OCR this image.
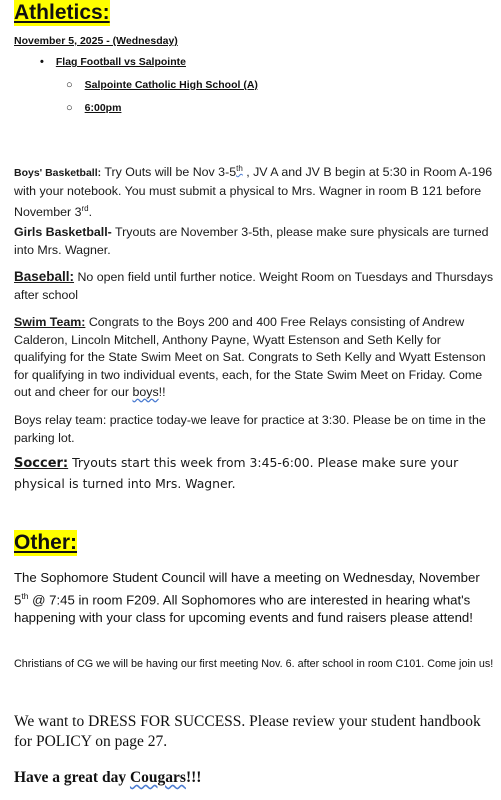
Athletics:
November 5, 2025 - (Wednesday)
• Flag Football vs Salpointe
○ Salpointe Catholic High School (A)
○ 6:00pm
Boys' Basketball: Try Outs will be Nov 3-5th , JV A and JV B begin at 5:30 in Room A-196 with your notebook. You must submit a physical to Mrs. Wagner in room B 121 before November 3rd.
Girls Basketball- Tryouts are November 3-5th, please make sure physicals are turned into Mrs. Wagner.
Baseball: No open field until further notice. Weight Room on Tuesdays and Thursdays after school
Swim Team: Congrats to the Boys 200 and 400 Free Relays consisting of Andrew Calderon, Lincoln Mitchell, Anthony Payne, Wyatt Estenson and Seth Kelly for qualifying for the State Swim Meet on Sat. Congrats to Seth Kelly and Wyatt Estenson for qualifying in two individual events, each, for the State Swim Meet on Friday. Come out and cheer for our boys!!
Boys relay team: practice today-we leave for practice at 3:30. Please be on time in the parking lot.
Soccer: Tryouts start this week from 3:45-6:00. Please make sure your physical is turned into Mrs. Wagner.
Other:
The Sophomore Student Council will have a meeting on Wednesday, November 5th @ 7:45 in room F209. All Sophomores who are interested in hearing what's happening with your class for upcoming events and fund raisers please attend!
Christians of CG we will be having our first meeting Nov. 6. after school in room C101. Come join us!
We want to DRESS FOR SUCCESS. Please review your student handbook for POLICY on page 27.
Have a great day Cougars!!!
